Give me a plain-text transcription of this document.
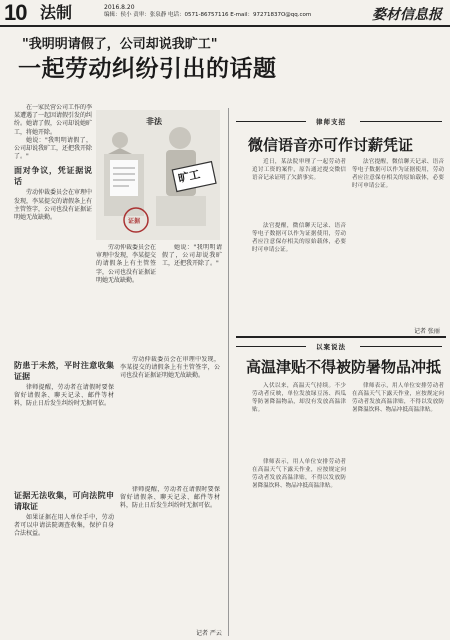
10 法制	2016.8.20
编辑：侯小 责审：张泉静 电话：0571-86757116 E-mail：97271837O@qq.com	婺材信息报
"我明明请假了，公司却说我旷工"
一起劳动纠纷引出的话题

在一家民营公司工作的李某遭遇了一起因请假引发的纠纷。她请了假，公司却说她旷工，将她开除。

她说："我明明请假了，公司却说我旷工，还把我开除了。"

面对争议，凭证据说话

劳动仲裁委员会在审理中发现，李某提交的请假条上有主管签字，公司也没有证据证明她无故缺勤。

旷工
证据
非法

劳动仲裁委员会在审理中发现，李某提交的请假条上有主管签字，公司也没有证据证明她无故缺勤。

她说："我明明请假了，公司却说我旷工，还把我开除了。"

防患于未然，平时注意收集证据

律师提醒，劳动者在请假时要保留好请假条、聊天记录、邮件等材料，防止日后发生纠纷时无据可依。

劳动仲裁委员会在审理中发现，李某提交的请假条上有主管签字，公司也没有证据证明她无故缺勤。

证据无法收集，可向法院申请取证

如果证据在用人单位手中，劳动者可以申请法院调查收集，保护自身合法权益。

律师提醒，劳动者在请假时要保留好请假条、聊天记录、邮件等材料，防止日后发生纠纷时无据可依。

记者 严云
律师支招
微信语音亦可作讨薪凭证

近日，某法院审理了一起劳动者追讨工资的案件，原告通过提交微信语音记录证明了欠薪事实。

法官提醒，微信聊天记录、语音等电子数据可以作为证据使用，劳动者应注意保存相关的原始载体，必要时可申请公证。

法官提醒，微信聊天记录、语音等电子数据可以作为证据使用，劳动者应注意保存相关的原始载体，必要时可申请公证。

记者 张丽
以案说法
高温津贴不得被防暑物品冲抵

入伏以来，高温天气持续。不少劳动者反映，单位发放绿豆汤、西瓜等防暑降温物品，却没有发放高温津贴。

律师表示，用人单位安排劳动者在高温天气下露天作业，应按规定向劳动者发放高温津贴，不得以发放防暑降温饮料、物品冲抵高温津贴。

律师表示，用人单位安排劳动者在高温天气下露天作业，应按规定向劳动者发放高温津贴，不得以发放防暑降温饮料、物品冲抵高温津贴。
